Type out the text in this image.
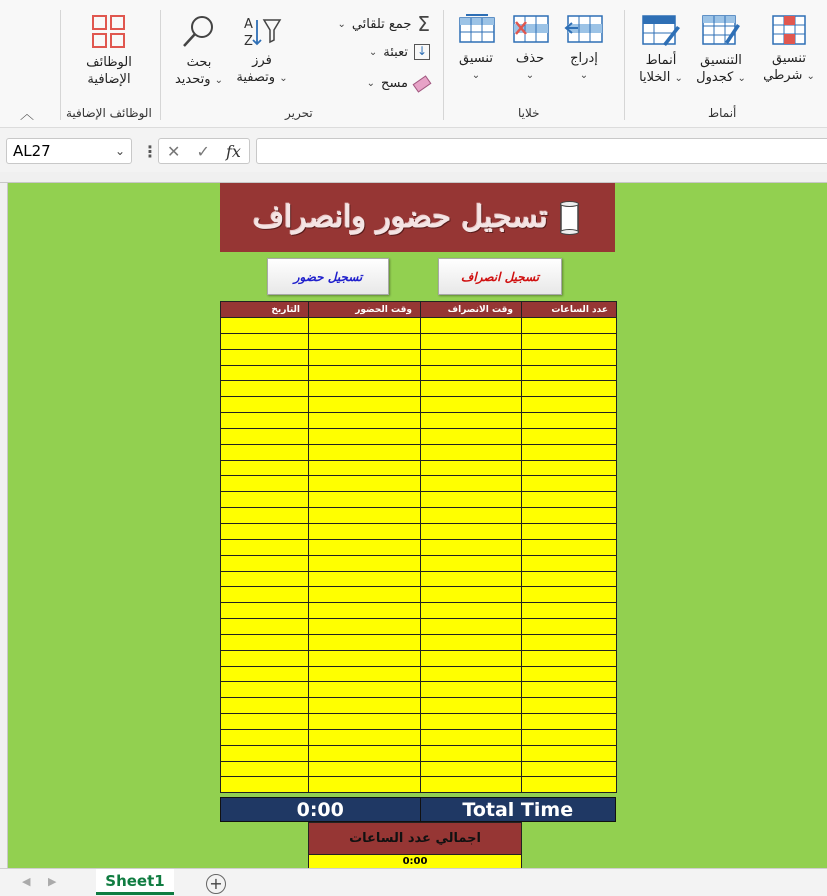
تنسيق
شرطي ⌄
التنسيق
كجدول ⌄
أنماط
الخلايا ⌄
أنماط
إدراج
⌄
حذف
⌄
تنسيق
⌄
خلايا
Σ
جمع تلقائي
⌄
↓
تعبئة
⌄
مسح
⌄
A
Z
فرز
وتصفية ⌄
بحث
وتحديد ⌄
تحرير
الوظائف
الإضافية
الوظائف الإضافية
︿
AL27	⌄ ⋮ ✕ ✓ fx
تسجيل حضور وانصراف
تسجيل حضور	تسجيل انصراف
التاريخ	وقت الحضور	وقت الانصراف	عدد الساعات

0:00	Total Time
اجمالي عدد الساعات
0:00
◀ ▶	Sheet1	+
